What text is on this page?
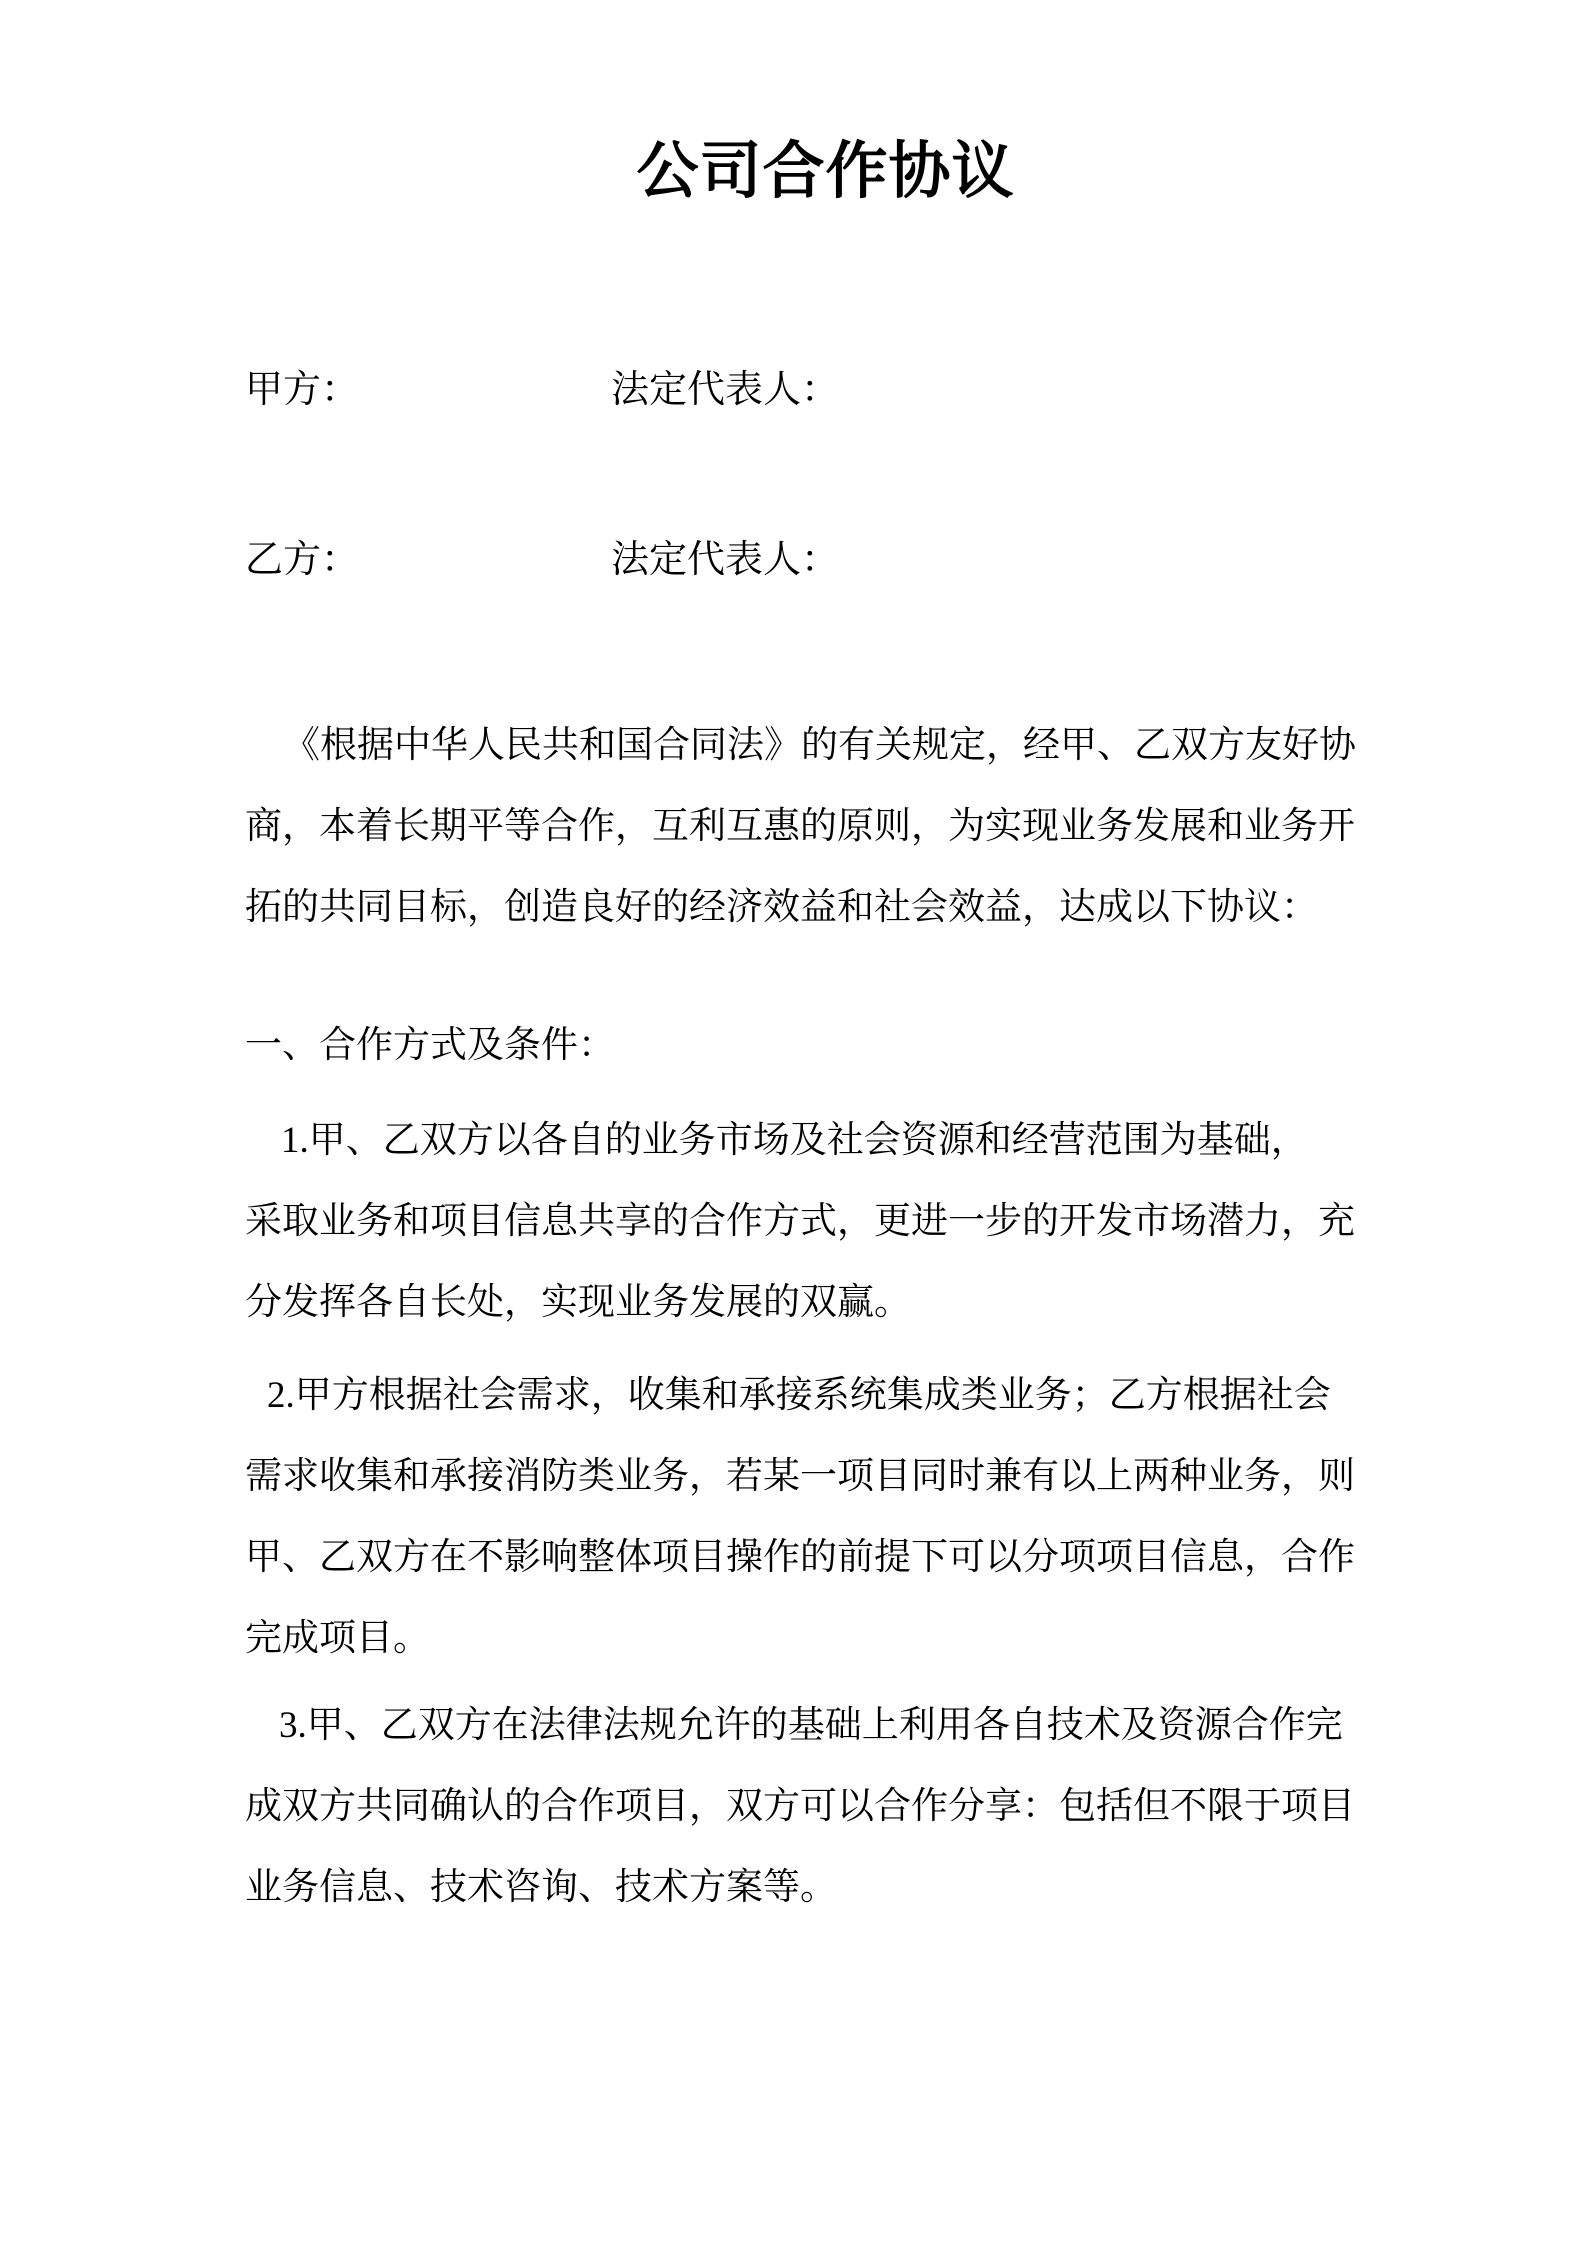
公司合作协议
甲方：	法定代表人：
乙方：	法定代表人：
《根据中华人民共和国合同法》的有关规定，经甲、乙双方友好协
商，本着长期平等合作，互利互惠的原则，为实现业务发展和业务开
拓的共同目标，创造良好的经济效益和社会效益，达成以下协议：
一、合作方式及条件：
1.甲、乙双方以各自的业务市场及社会资源和经营范围为基础，
采取业务和项目信息共享的合作方式，更进一步的开发市场潜力，充
分发挥各自长处，实现业务发展的双赢。
2.甲方根据社会需求，收集和承接系统集成类业务；乙方根据社会
需求收集和承接消防类业务，若某一项目同时兼有以上两种业务，则
甲、乙双方在不影响整体项目操作的前提下可以分项项目信息，合作
完成项目。
3.甲、乙双方在法律法规允许的基础上利用各自技术及资源合作完
成双方共同确认的合作项目，双方可以合作分享：包括但不限于项目
业务信息、技术咨询、技术方案等。
